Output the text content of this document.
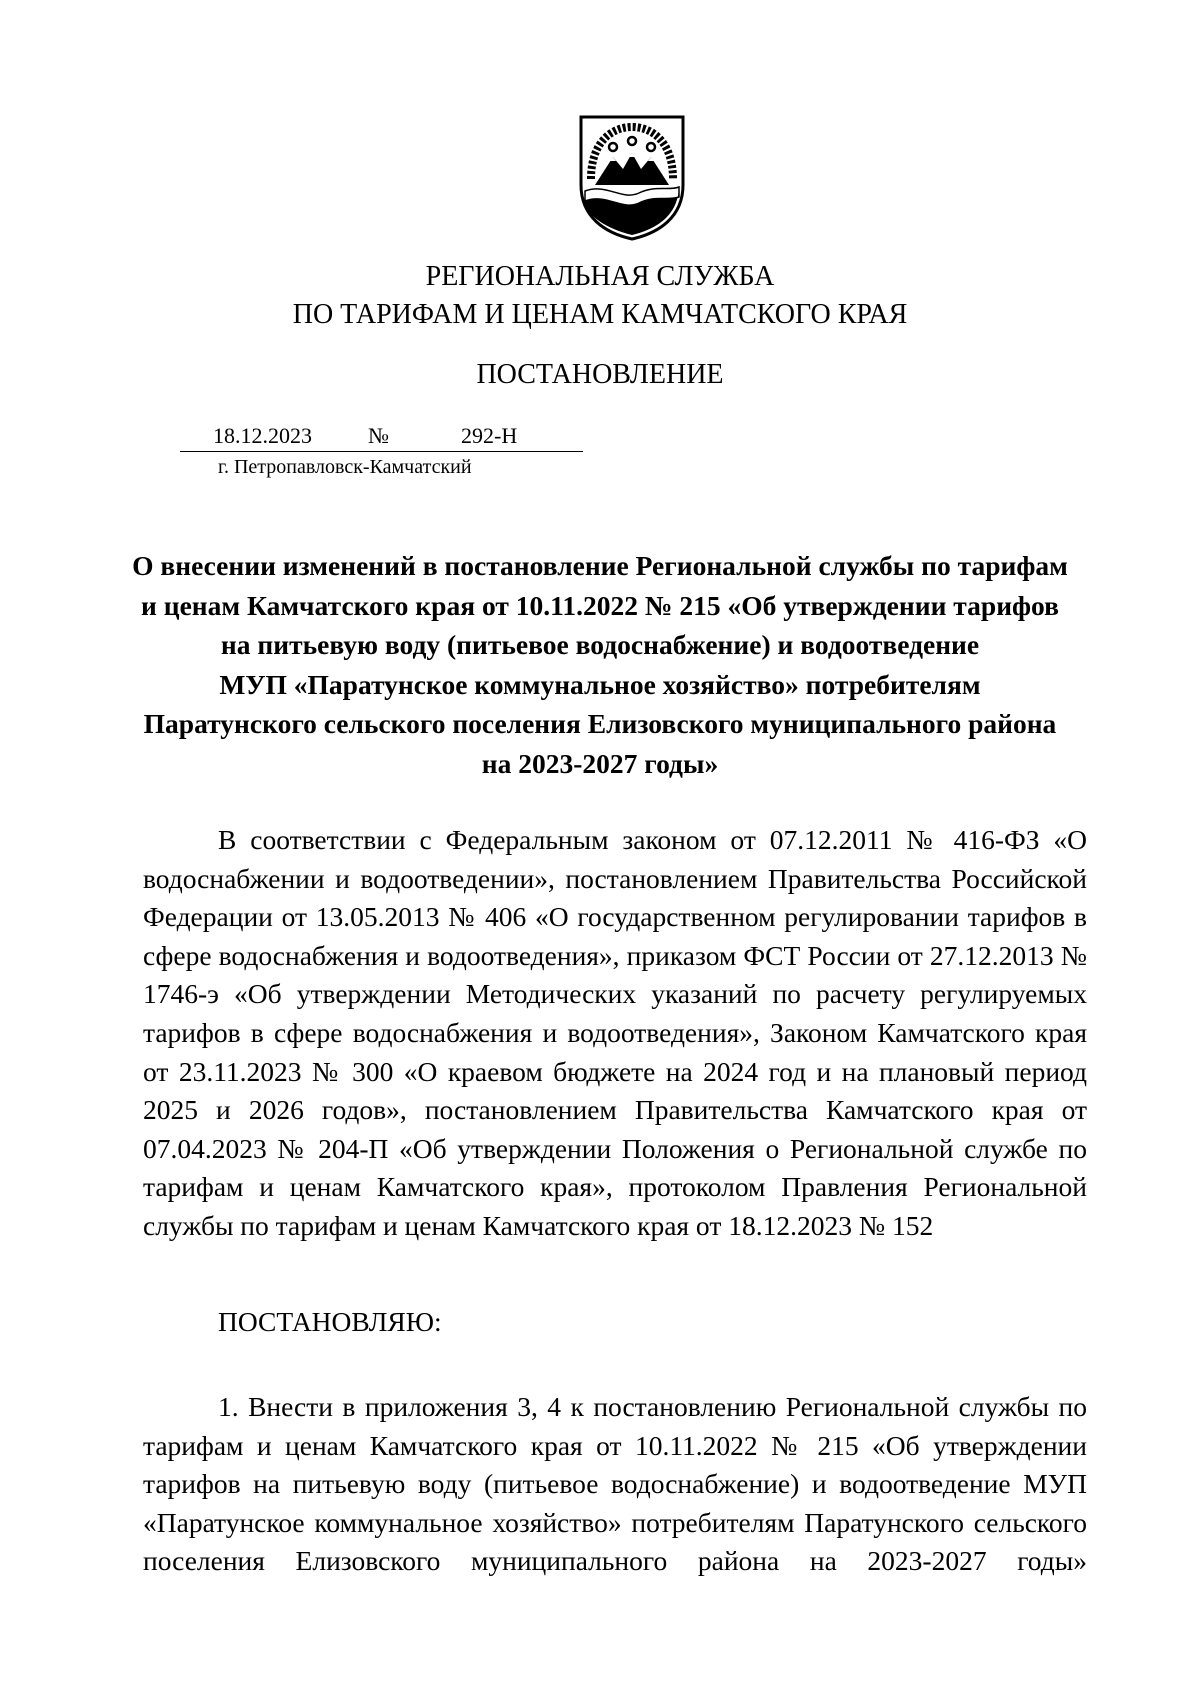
РЕГИОНАЛЬНАЯ СЛУЖБА
ПО ТАРИФАМ И ЦЕНАМ КАМЧАТСКОГО КРАЯ
ПОСТАНОВЛЕНИЕ
18.12.2023	№	292-Н
г. Петропавловск-Камчатский
О внесении изменений в постановление Региональной службы по тарифам
и ценам Камчатского края от 10.11.2022 № 215 «Об утверждении тарифов
на питьевую воду (питьевое водоснабжение) и водоотведение
МУП «Паратунское коммунальное хозяйство» потребителям
Паратунского сельского поселения Елизовского муниципального района
на 2023-2027 годы»
В соответствии с Федеральным законом от 07.12.2011 № 416-ФЗ «О водоснабжении и водоотведении», постановлением Правительства Российской Федерации от 13.05.2013 № 406 «О государственном регулировании тарифов в сфере водоснабжения и водоотведения», приказом ФСТ России от 27.12.2013 № 1746-э «Об утверждении Методических указаний по расчету регулируемых тарифов в сфере водоснабжения и водоотведения», Законом Камчатского края от 23.11.2023 № 300 «О краевом бюджете на 2024 год и на плановый период 2025 и 2026 годов», постановлением Правительства Камчатского края от 07.04.2023 № 204-П «Об утверждении Положения о Региональной службе по тарифам и ценам Камчатского края», протоколом Правления Региональной службы по тарифам и ценам Камчатского края от 18.12.2023 № 152
ПОСТАНОВЛЯЮ:
1. Внести в приложения 3, 4 к постановлению Региональной службы по тарифам и ценам Камчатского края от 10.11.2022 № 215 «Об утверждении тарифов на питьевую воду (питьевое водоснабжение) и водоотведение МУП «Паратунское коммунальное хозяйство» потребителям Паратунского сельского поселения Елизовского муниципального района на 2023-2027 годы»
